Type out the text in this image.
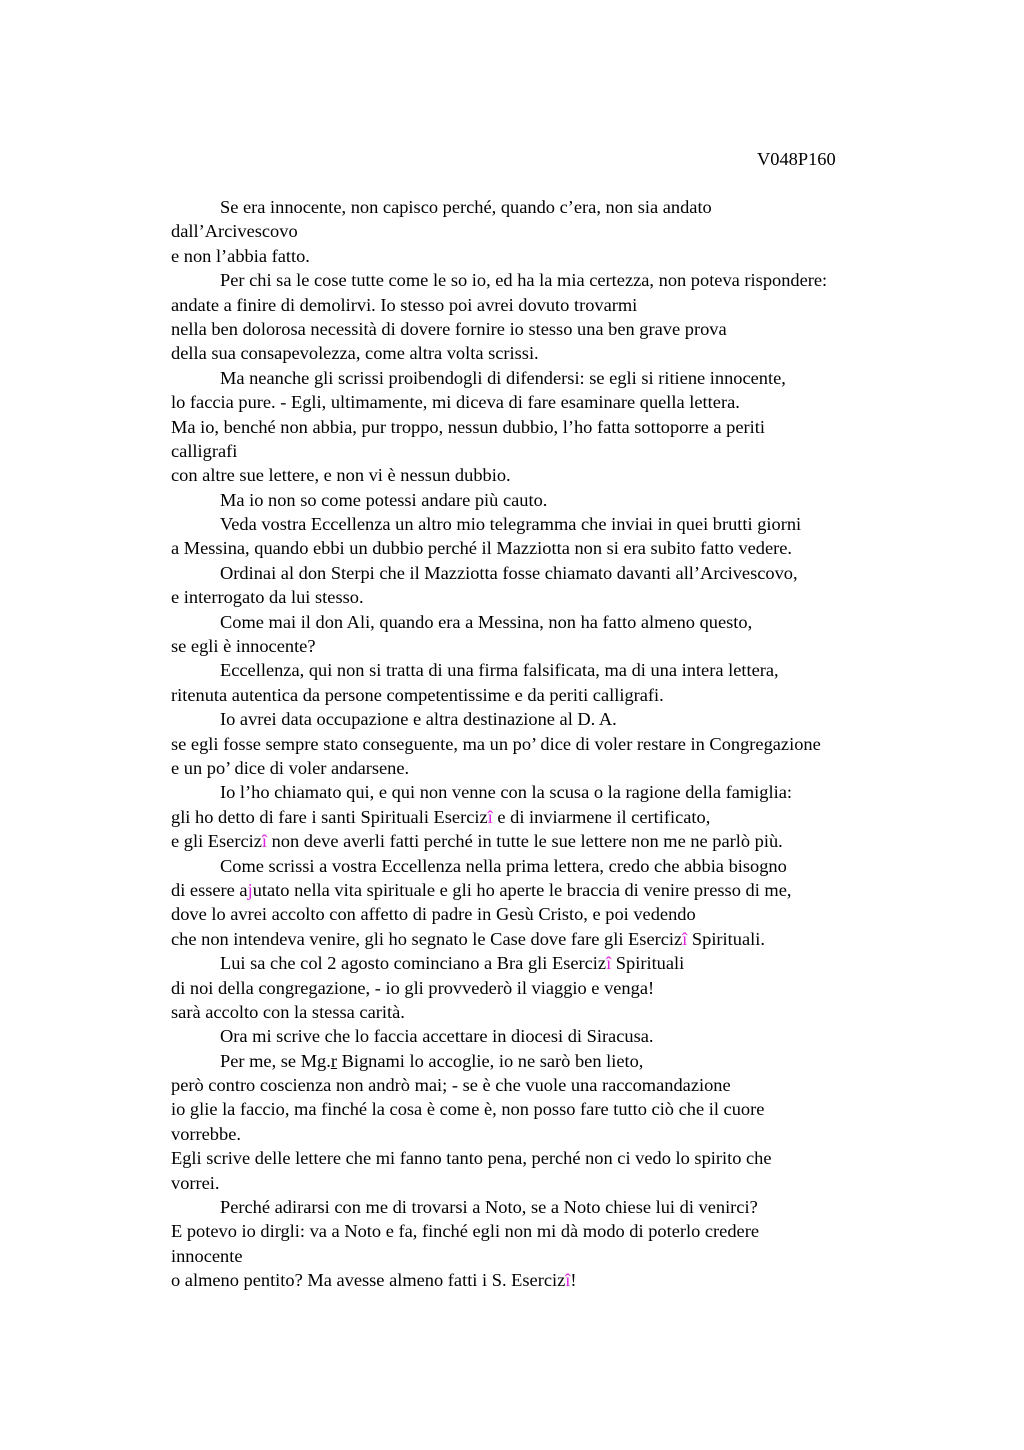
V048P160
Se era innocente, non capisco perché, quando c’era, non sia andato
dall’Arcivescovo
e non l’abbia fatto.
Per chi sa le cose tutte come le so io, ed ha la mia certezza, non poteva rispondere:
andate a finire di demolirvi. Io stesso poi avrei dovuto trovarmi
nella ben dolorosa necessità di dovere fornire io stesso una ben grave prova
della sua consapevolezza, come altra volta scrissi.
Ma neanche gli scrissi proibendogli di difendersi: se egli si ritiene innocente,
lo faccia pure. - Egli, ultimamente, mi diceva di fare esaminare quella lettera.
Ma io, benché non abbia, pur troppo, nessun dubbio, l’ho fatta sottoporre a periti
calligrafi
con altre sue lettere, e non vi è nessun dubbio.
Ma io non so come potessi andare più cauto.
Veda vostra Eccellenza un altro mio telegramma che inviai in quei brutti giorni
a Messina, quando ebbi un dubbio perché il Mazziotta non si era subito fatto vedere.
Ordinai al don Sterpi che il Mazziotta fosse chiamato davanti all’Arcivescovo,
e interrogato da lui stesso.
Come mai il don Ali, quando era a Messina, non ha fatto almeno questo,
se egli è innocente?
Eccellenza, qui non si tratta di una firma falsificata, ma di una intera lettera,
ritenuta autentica da persone competentissime e da periti calligrafi.
Io avrei data occupazione e altra destinazione al D. A.
se egli fosse sempre stato conseguente, ma un po’ dice di voler restare in Congregazione
e un po’ dice di voler andarsene.
Io l’ho chiamato qui, e qui non venne con la scusa o la ragione della famiglia:
gli ho detto di fare i santi Spirituali Esercizî e di inviarmene il certificato,
e gli Esercizî non deve averli fatti perché in tutte le sue lettere non me ne parlò più.
Come scrissi a vostra Eccellenza nella prima lettera, credo che abbia bisogno
di essere ajutato nella vita spirituale e gli ho aperte le braccia di venire presso di me,
dove lo avrei accolto con affetto di padre in Gesù Cristo, e poi vedendo
che non intendeva venire, gli ho segnato le Case dove fare gli Esercizî Spirituali.
Lui sa che col 2 agosto cominciano a Bra gli Esercizî Spirituali
di noi della congregazione, - io gli provvederò il viaggio e venga!
sarà accolto con la stessa carità.
Ora mi scrive che lo faccia accettare in diocesi di Siracusa.
Per me, se Mg.r Bignami lo accoglie, io ne sarò ben lieto,
però contro coscienza non andrò mai; - se è che vuole una raccomandazione
io glie la faccio, ma finché la cosa è come è, non posso fare tutto ciò che il cuore
vorrebbe.
Egli scrive delle lettere che mi fanno tanto pena, perché non ci vedo lo spirito che
vorrei.
Perché adirarsi con me di trovarsi a Noto, se a Noto chiese lui di venirci?
E potevo io dirgli: va a Noto e fa, finché egli non mi dà modo di poterlo credere
innocente
o almeno pentito? Ma avesse almeno fatti i S. Esercizî!
